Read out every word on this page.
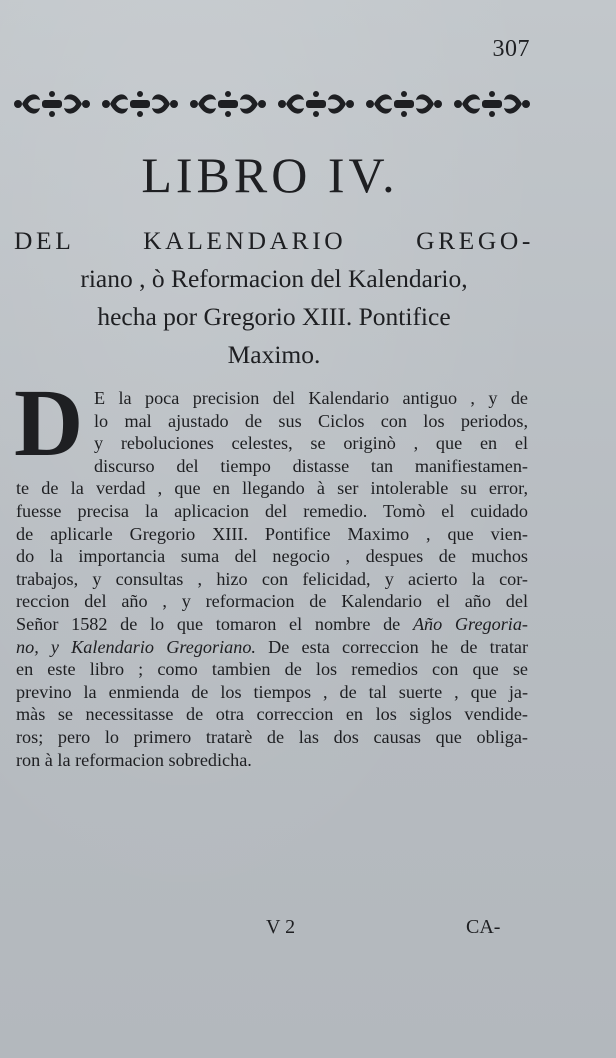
307
LIBRO IV.
DEL KALENDARIO GREGO-
riano , ò Reformacion del Kalendario,
hecha por Gregorio XIII. Pontifice
Maximo.
D E la poca precision del Kalendario antiguo , y de
lo mal ajustado de sus Ciclos con los periodos,
y reboluciones celestes, se originò , que en el
discurso del tiempo distasse tan manifiestamen-
te de la verdad , que en llegando à ser intolerable su error,
fuesse precisa la aplicacion del remedio. Tomò el cuidado
de aplicarle Gregorio XIII. Pontifice Maximo , que vien-
do la importancia suma del negocio , despues de muchos
trabajos, y consultas , hizo con felicidad, y acierto la cor-
reccion del año , y reformacion de Kalendario el año del
Señor 1582 de lo que tomaron el nombre de Año Gregoria-
no, y Kalendario Gregoriano. De esta correccion he de tratar
en este libro ; como tambien de los remedios con que se
previno la enmienda de los tiempos , de tal suerte , que ja-
màs se necessitasse de otra correccion en los siglos vendide-
ros; pero lo primero tratarè de las dos causas que obliga-
ron à la reformacion sobredicha.
V 2	CA-
